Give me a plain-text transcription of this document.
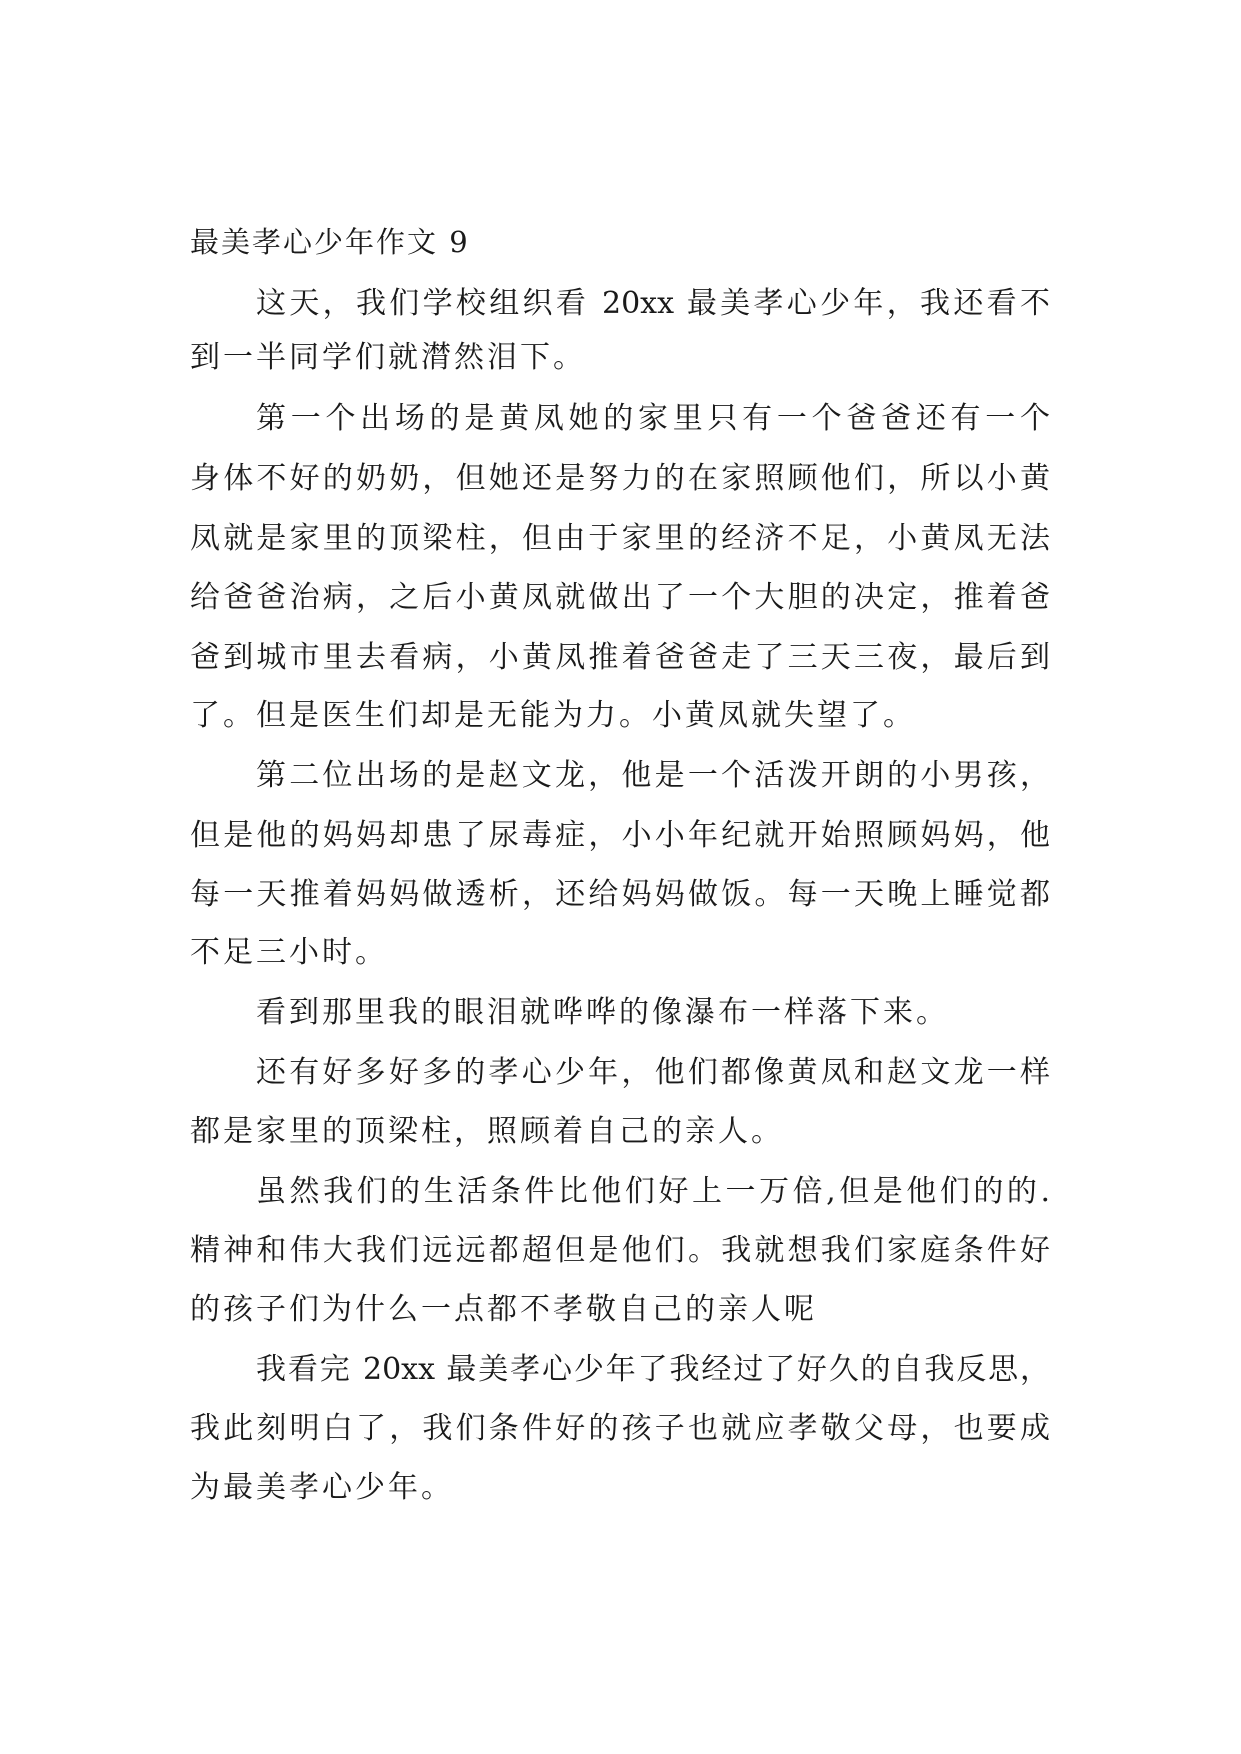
最美孝心少年作文 9
这天，我们学校组织看 20xx 最美孝心少年，我还看不
到一半同学们就潸然泪下。
第一个出场的是黄凤她的家里只有一个爸爸还有一个
身体不好的奶奶，但她还是努力的在家照顾他们，所以小黄
凤就是家里的顶梁柱，但由于家里的经济不足，小黄凤无法
给爸爸治病，之后小黄凤就做出了一个大胆的决定，推着爸
爸到城市里去看病，小黄凤推着爸爸走了三天三夜，最后到
了。但是医生们却是无能为力。小黄凤就失望了。
第二位出场的是赵文龙，他是一个活泼开朗的小男孩，
但是他的妈妈却患了尿毒症，小小年纪就开始照顾妈妈，他
每一天推着妈妈做透析，还给妈妈做饭。每一天晚上睡觉都
不足三小时。
看到那里我的眼泪就哗哗的像瀑布一样落下来。
还有好多好多的孝心少年，他们都像黄凤和赵文龙一样
都是家里的顶梁柱，照顾着自己的亲人。
虽然我们的生活条件比他们好上一万倍,但是他们的的.
精神和伟大我们远远都超但是他们。我就想我们家庭条件好
的孩子们为什么一点都不孝敬自己的亲人呢
我看完 20xx 最美孝心少年了我经过了好久的自我反思，
我此刻明白了，我们条件好的孩子也就应孝敬父母，也要成
为最美孝心少年。
